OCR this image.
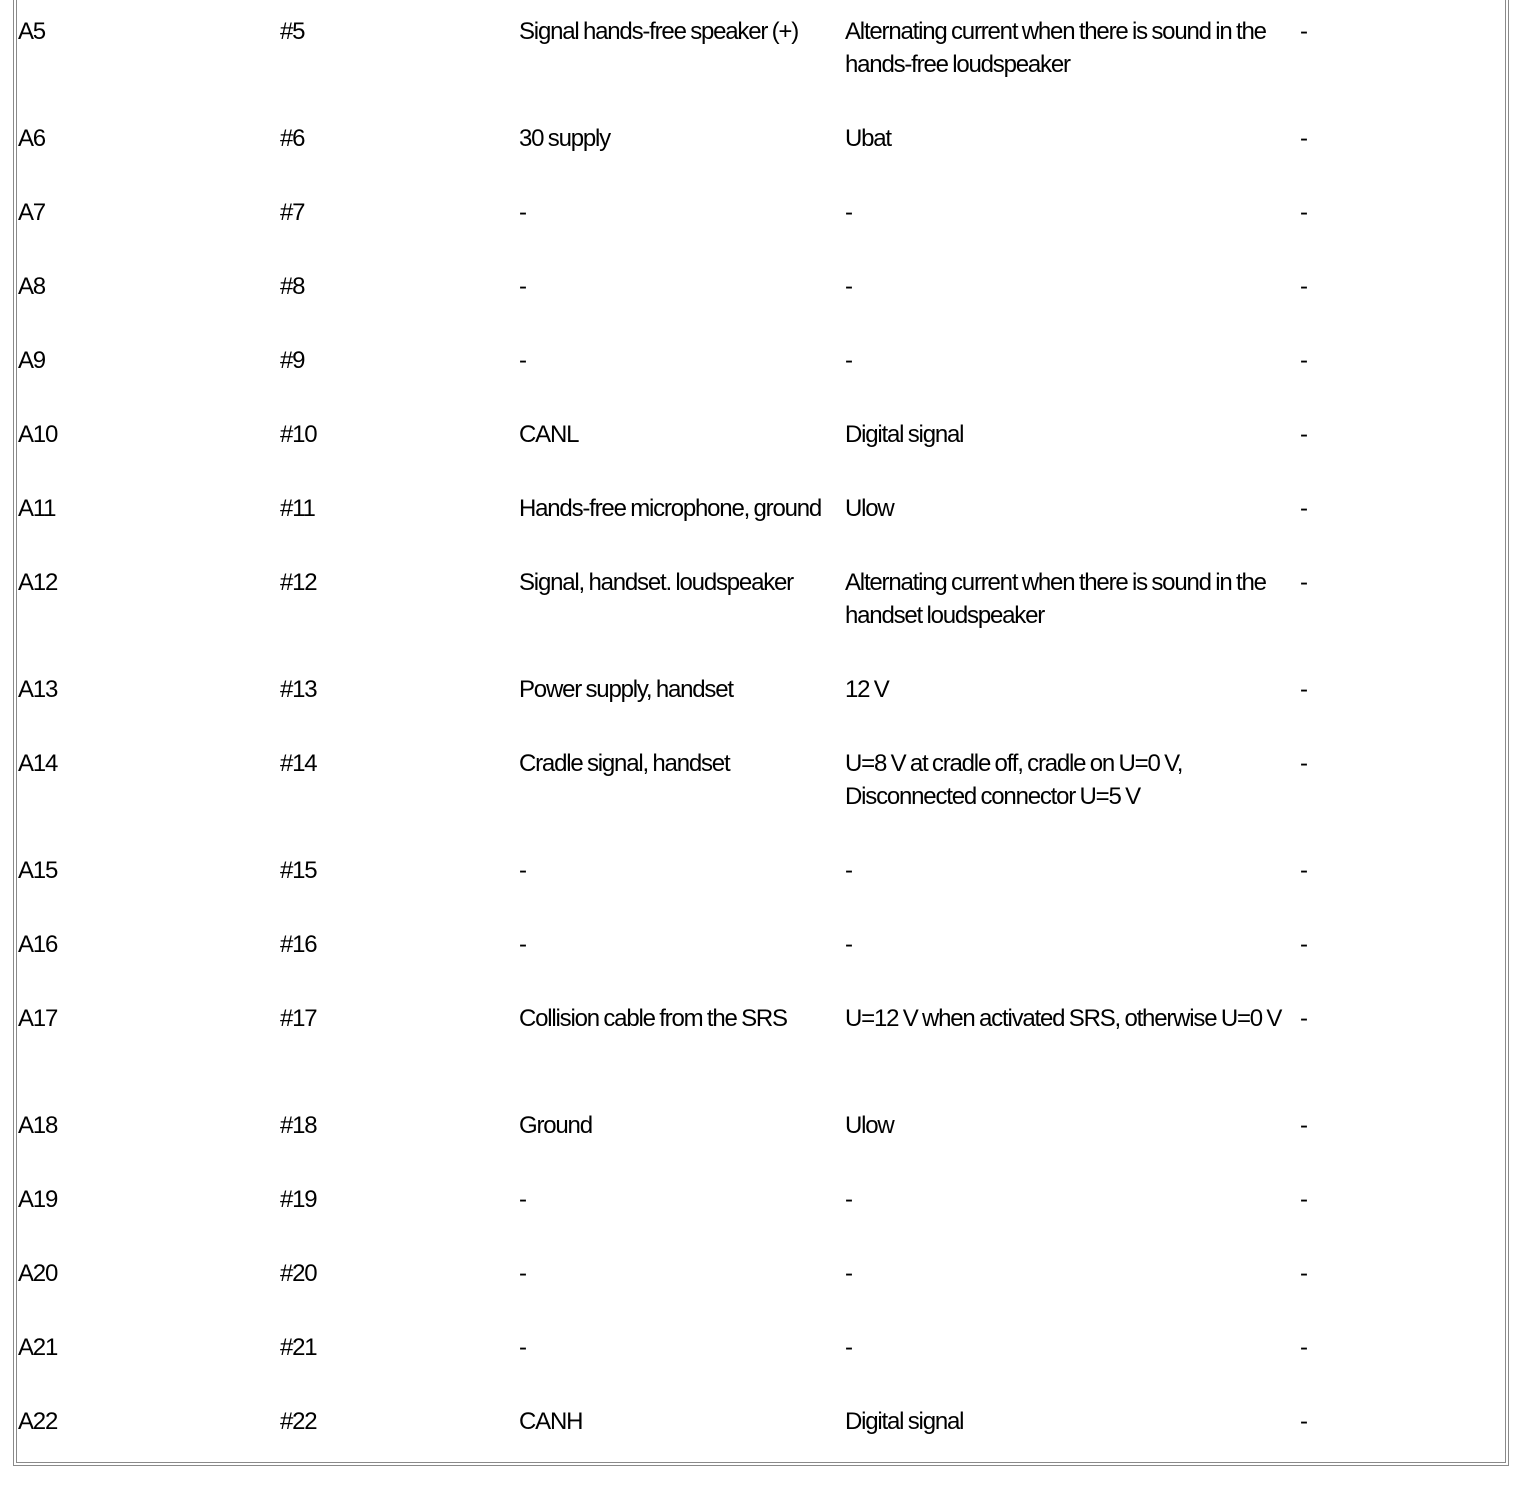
A5	#5	Signal hands-free speaker (+)	Alternating current when there is sound in the hands-free loudspeaker	-
A6	#6	30 supply	Ubat	-
A7	#7	-	-	-
A8	#8	-	-	-
A9	#9	-	-	-
A10	#10	CANL	Digital signal	-
A11	#11	Hands-free microphone, ground	Ulow	-
A12	#12	Signal, handset. loudspeaker	Alternating current when there is sound in the handset loudspeaker	-
A13	#13	Power supply, handset	12 V	-
A14	#14	Cradle signal, handset	U=8 V at cradle off, cradle on U=0 V, Disconnected connector U=5 V	-
A15	#15	-	-	-
A16	#16	-	-	-
A17	#17	Collision cable from the SRS	U=12 V when activated SRS, otherwise U=0 V	-
A18	#18	Ground	Ulow	-
A19	#19	-	-	-
A20	#20	-	-	-
A21	#21	-	-	-
A22	#22	CANH	Digital signal	-
